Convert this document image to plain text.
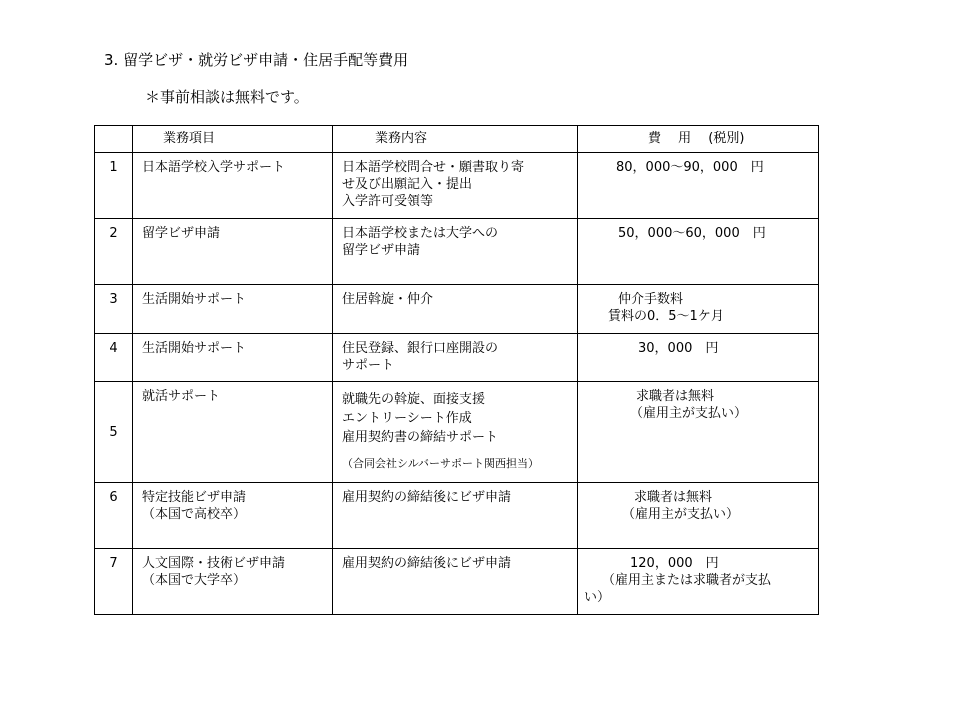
3. 留学ビザ・就労ビザ申請・住居手配等費用
＊事前相談は無料です。
	業務項目	業務内容	費　 用　 (税別)
1	日本語学校入学サポート	日本語学校問合せ・願書取り寄
せ及び出願記入・提出
入学許可受領等	80，000～90，000　円

2	留学ビザ申請	日本語学校または大学への
留学ビザ申請	50，000～60，000　円

3	生活開始サポート	住居斡旋・仲介	仲介手数料
賃料の0．5～1ケ月

4	生活開始サポート	住民登録、銀行口座開設の
サポート	30，000　円

5	就活サポート	就職先の斡旋、面接支援
エントリーシート作成
雇用契約書の締結サポート
（合同会社シルバーサポート関西担当）	求職者は無料
（雇用主が支払い）

6	特定技能ビザ申請
（本国で高校卒）	雇用契約の締結後にビザ申請	求職者は無料
（雇用主が支払い）

7	人文国際・技術ビザ申請
（本国で大学卒）	雇用契約の締結後にビザ申請	120，000　円
（雇用主または求職者が支払
い）
